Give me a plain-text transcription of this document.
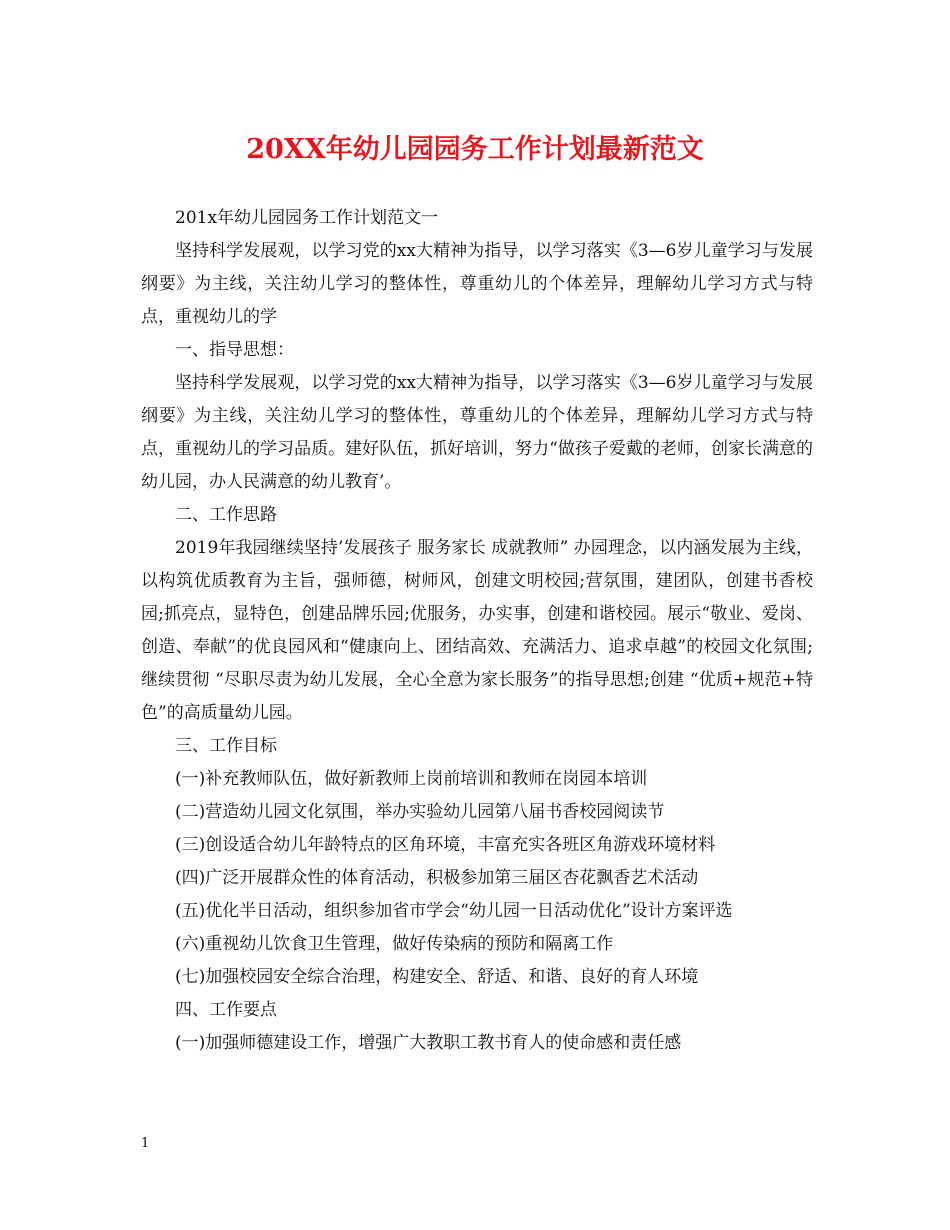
20XX年幼儿园园务工作计划最新范文

201x年幼儿园园务工作计划范文一

坚持科学发展观，以学习党的xx大精神为指导，以学习落实《3—6岁儿童学习与发展纲要》为主线，关注幼儿学习的整体性，尊重幼儿的个体差异，理解幼儿学习方式与特点，重视幼儿的学

一、指导思想：

坚持科学发展观，以学习党的xx大精神为指导，以学习落实《3—6岁儿童学习与发展纲要》为主线，关注幼儿学习的整体性，尊重幼儿的个体差异，理解幼儿学习方式与特点，重视幼儿的学习品质。建好队伍，抓好培训，努力“做孩子爱戴的老师，创家长满意的幼儿园，办人民满意的幼儿教育’。

二、工作思路

2019年我园继续坚持’发展孩子 服务家长 成就教师” 办园理念，以内涵发展为主线，以构筑优质教育为主旨，强师德，树师风，创建文明校园;营氛围，建团队，创建书香校园;抓亮点，显特色，创建品牌乐园;优服务，办实事，创建和谐校园。展示“敬业、爱岗、创造、奉献”的优良园风和“健康向上、团结高效、充满活力、追求卓越”的校园文化氛围;继续贯彻 “尽职尽责为幼儿发展，全心全意为家长服务”的指导思想;创建 “优质+规范+特色”的高质量幼儿园。

三、工作目标

(一)补充教师队伍，做好新教师上岗前培训和教师在岗园本培训

(二)营造幼儿园文化氛围，举办实验幼儿园第八届书香校园阅读节

(三)创设适合幼儿年龄特点的区角环境，丰富充实各班区角游戏环境材料

(四)广泛开展群众性的体育活动，积极参加第三届区杏花飘香艺术活动

(五)优化半日活动，组织参加省市学会“幼儿园一日活动优化”设计方案评选

(六)重视幼儿饮食卫生管理，做好传染病的预防和隔离工作

(七)加强校园安全综合治理，构建安全、舒适、和谐、良好的育人环境

四、工作要点

(一)加强师德建设工作，增强广大教职工教书育人的使命感和责任感

1
